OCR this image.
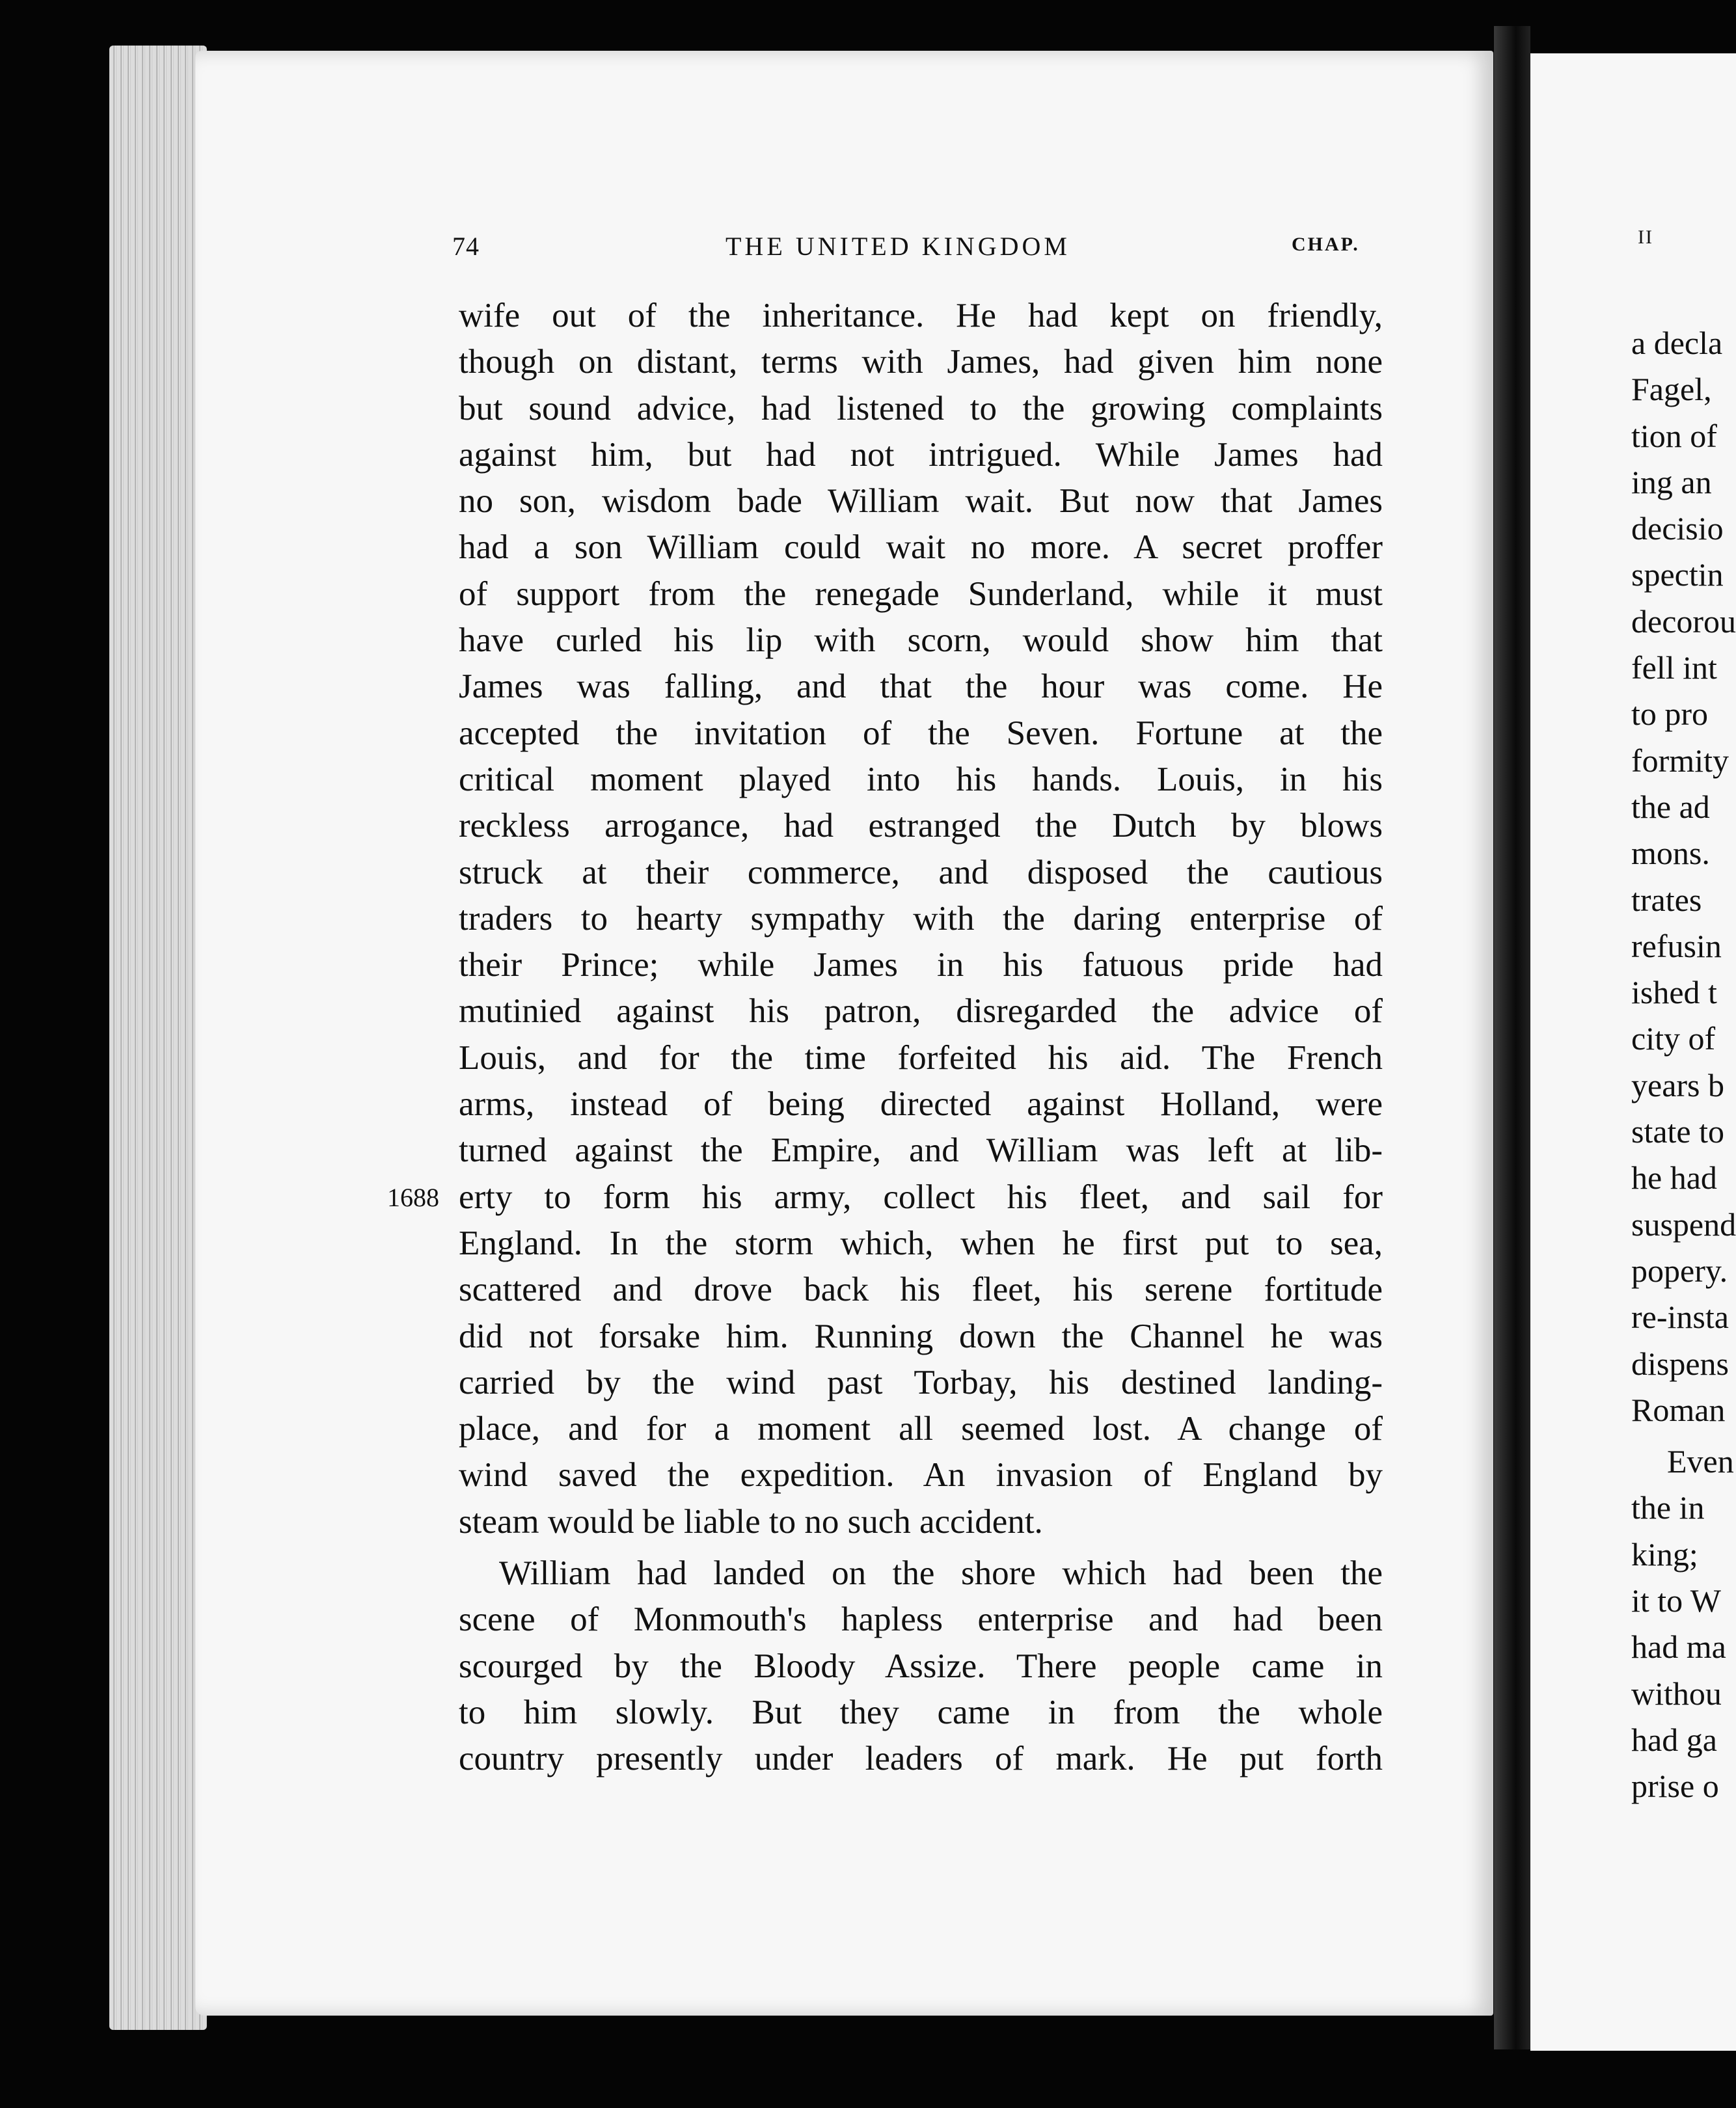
II
a decla
Fagel,
tion of
ing an
decisio
spectin
decorou
fell int
to pro
formity
the ad
mons.
trates
refusin
ished t
city of
years b
state to
he had
suspend
popery.
re-insta
dispens
Roman
Even
the in
king;
it to W
had ma
withou
had ga
prise o
74	THE UNITED KINGDOM	CHAP.
1688
wife out of the inheritance. He had kept on friendly,
though on distant, terms with James, had given him none
but sound advice, had listened to the growing complaints
against him, but had not intrigued. While James had
no son, wisdom bade William wait. But now that James
had a son William could wait no more. A secret proffer
of support from the renegade Sunderland, while it must
have curled his lip with scorn, would show him that
James was falling, and that the hour was come. He
accepted the invitation of the Seven. Fortune at the
critical moment played into his hands. Louis, in his
reckless arrogance, had estranged the Dutch by blows
struck at their commerce, and disposed the cautious
traders to hearty sympathy with the daring enterprise of
their Prince; while James in his fatuous pride had
mutinied against his patron, disregarded the advice of
Louis, and for the time forfeited his aid. The French
arms, instead of being directed against Holland, were
turned against the Empire, and William was left at lib-
erty to form his army, collect his fleet, and sail for
England. In the storm which, when he first put to sea,
scattered and drove back his fleet, his serene fortitude
did not forsake him. Running down the Channel he was
carried by the wind past Torbay, his destined landing-
place, and for a moment all seemed lost. A change of
wind saved the expedition. An invasion of England by
steam would be liable to no such accident.
William had landed on the shore which had been the
scene of Monmouth's hapless enterprise and had been
scourged by the Bloody Assize. There people came in
to him slowly. But they came in from the whole
country presently under leaders of mark. He put forth
